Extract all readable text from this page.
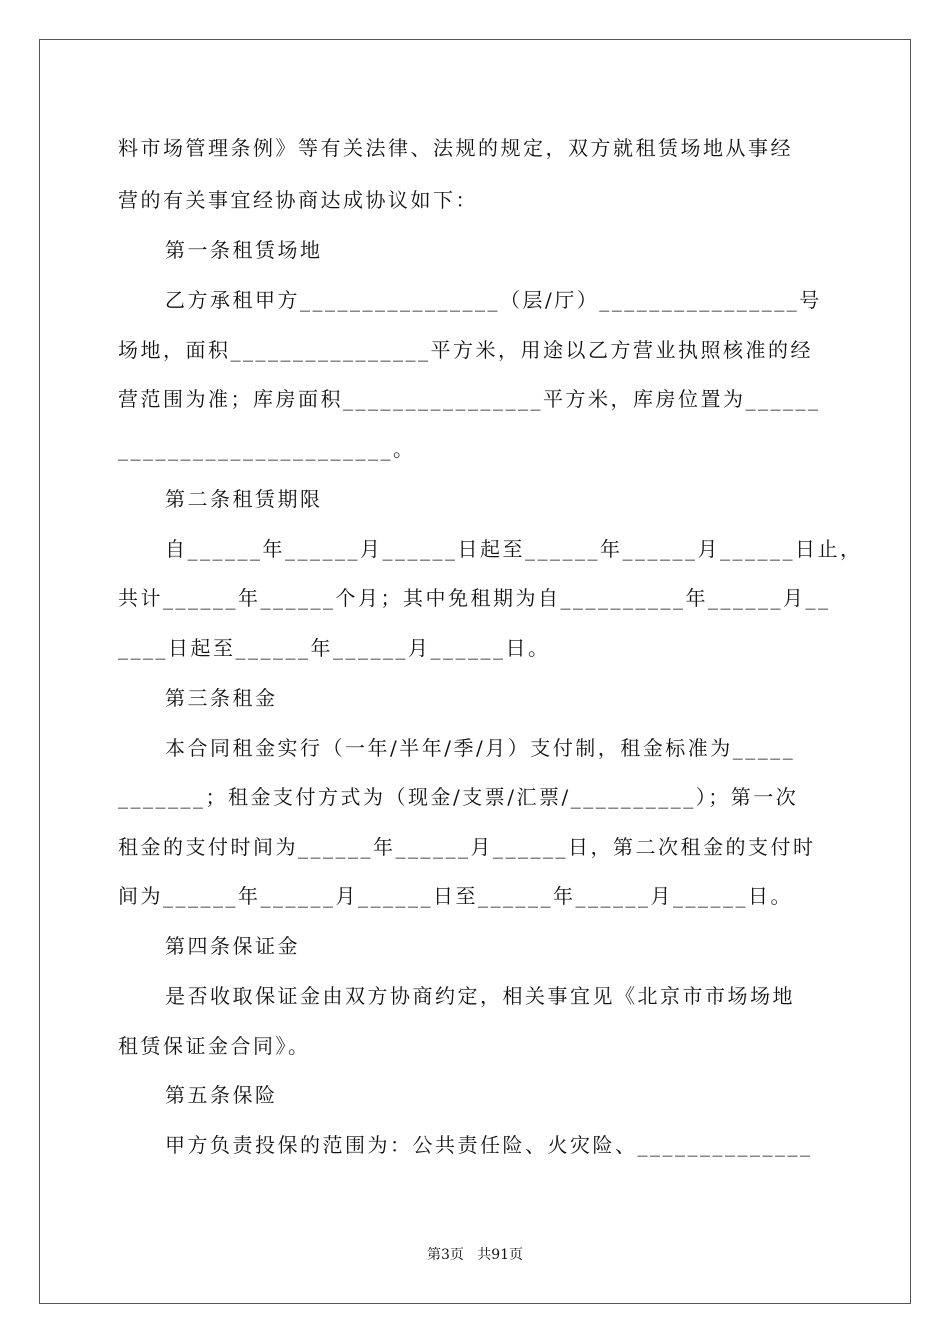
料市场管理条例》等有关法律、法规的规定，双方就租赁场地从事经
营的有关事宜经协商达成协议如下：
第一条租赁场地
乙方承租甲方________________（层/厅）________________号
场地，面积________________平方米，用途以乙方营业执照核准的经
营范围为准；库房面积________________平方米，库房位置为______
______________________。
第二条租赁期限
自______年______月______日起至______年______月______日止，
共计______年______个月；其中免租期为自__________年______月__
____日起至______年______月______日。
第三条租金
本合同租金实行（一年/半年/季/月）支付制，租金标准为_____
_______；租金支付方式为（现金/支票/汇票/__________）；第一次
租金的支付时间为______年______月______日，第二次租金的支付时
间为______年______月______日至______年______月______日。
第四条保证金
是否收取保证金由双方协商约定，相关事宜见《北京市市场场地
租赁保证金合同》。
第五条保险
甲方负责投保的范围为：公共责任险、火灾险、______________
第3页   共91页
